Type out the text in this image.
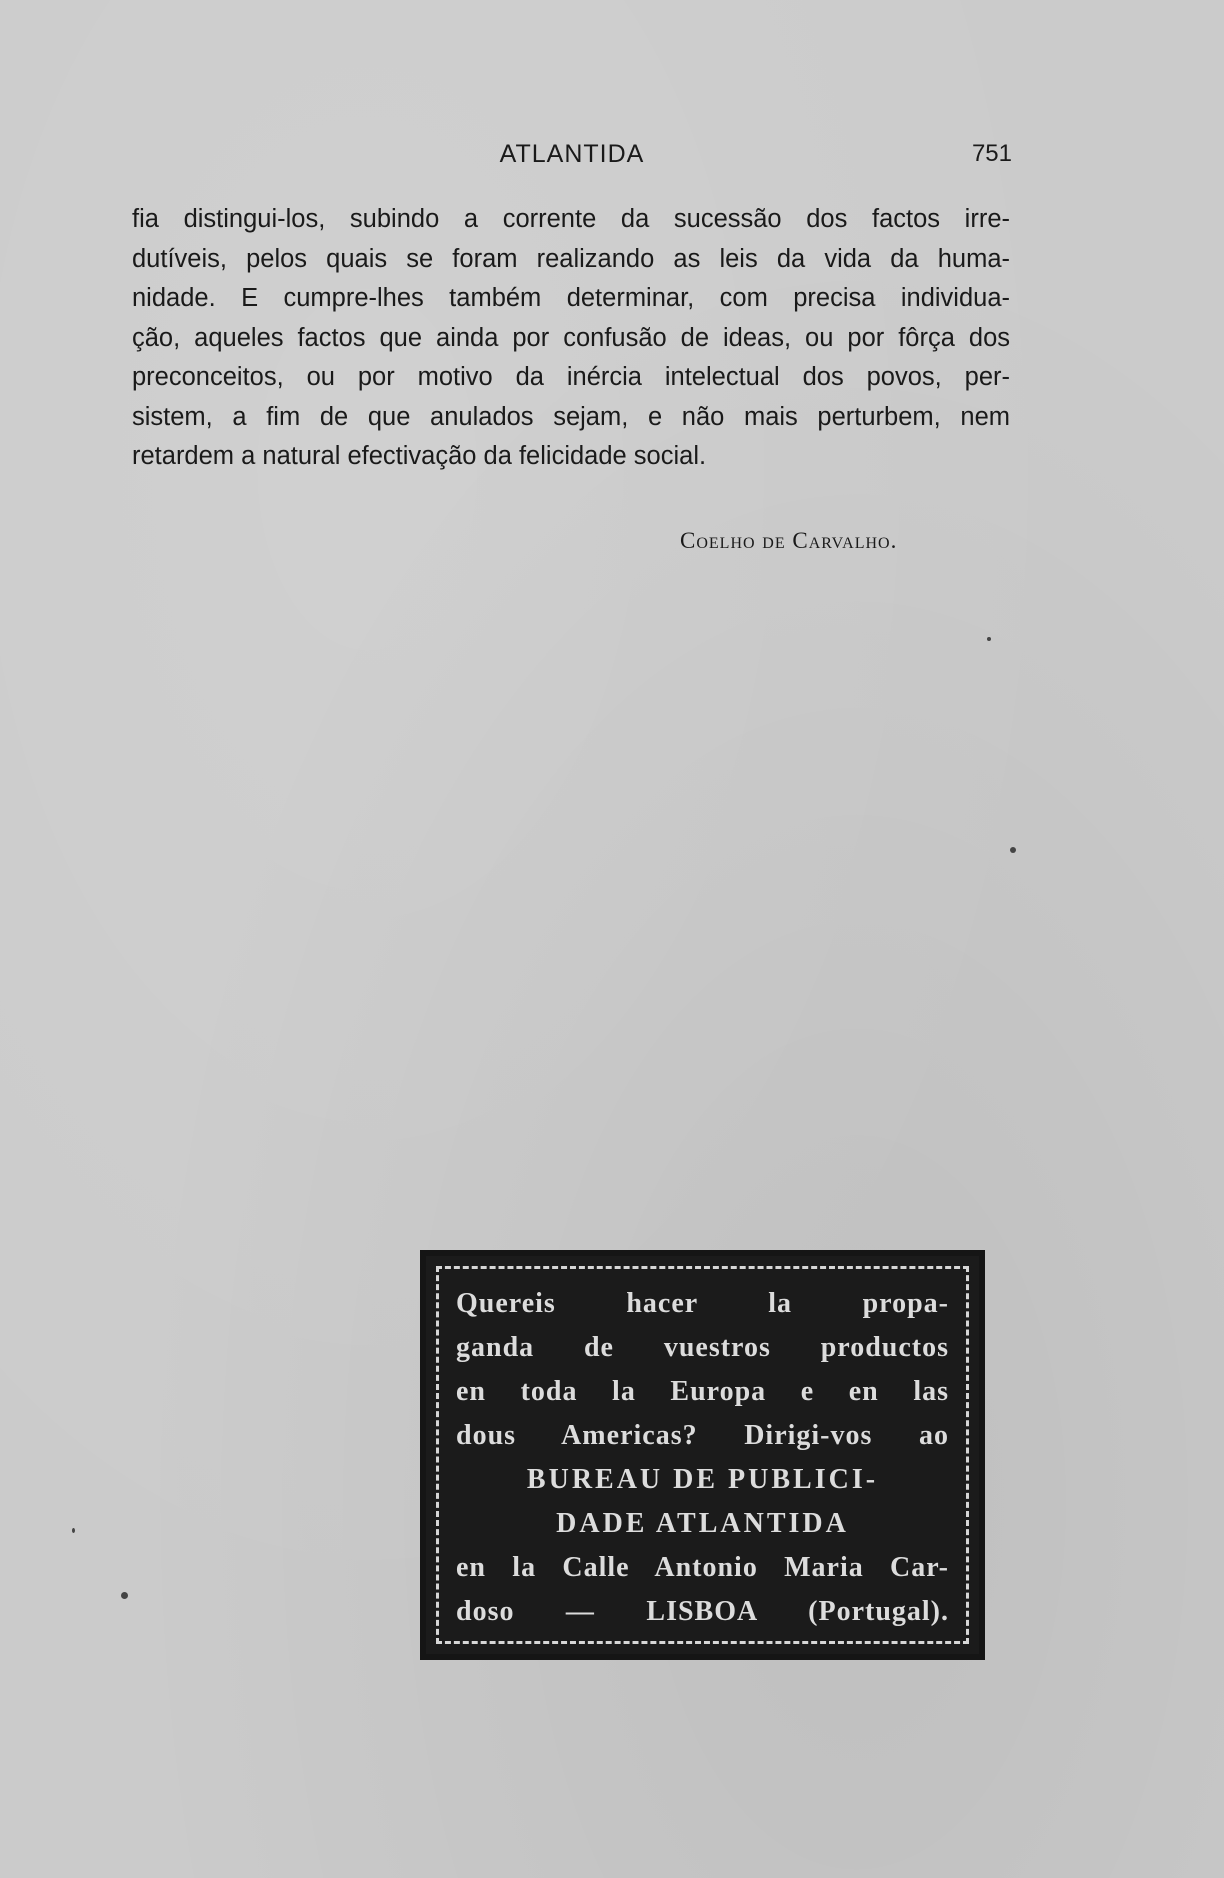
ATLANTIDA	751
fia distingui-los, subindo a corrente da sucessão dos factos irre-
dutíveis, pelos quais se foram realizando as leis da vida da huma-
nidade. E cumpre-lhes também determinar, com precisa individua-
ção, aqueles factos que ainda por confusão de ideas, ou por fôrça dos
preconceitos, ou por motivo da inércia intelectual dos povos, per-
sistem, a fim de que anulados sejam, e não mais perturbem, nem
retardem a natural efectivação da felicidade social.
Coelho de Carvalho.
Quereis hacer la propa-
ganda de vuestros productos
en toda la Europa e en las
dous Americas? Dirigi-vos ao
BUREAU DE PUBLICI-
DADE ATLANTIDA
en la Calle Antonio Maria Car-
doso — LISBOA (Portugal).
